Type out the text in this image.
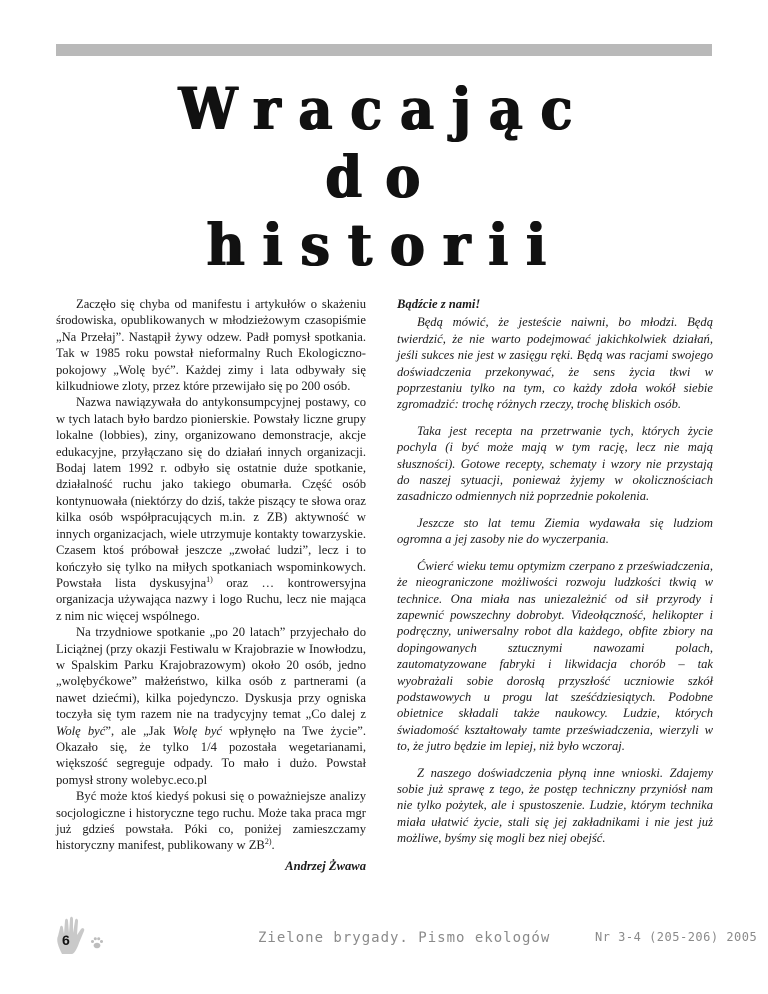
Wracając
do
historii

Zaczęło się chyba od manifestu i artykułów o skażeniu środowiska, opublikowanych w młodzieżowym czasopiśmie „Na Przełaj”. Nastąpił żywy odzew. Padł pomysł spotkania. Tak w 1985 roku powstał nieformalny Ruch Ekologiczno-pokojowy „Wolę być”. Każdej zimy i lata odbywały się kilkudniowe zloty, przez które przewijało się po 200 osób.

Nazwa nawiązywała do antykonsumpcyjnej postawy, co w tych latach było bardzo pionierskie. Powstały liczne grupy lokalne (lobbies), ziny, organizowano demonstracje, akcje edukacyjne, przyłączano się do działań innych organizacji. Bodaj latem 1992 r. odbyło się ostatnie duże spotkanie, działalność ruchu jako takiego obumarła. Część osób kontynuowała (niektórzy do dziś, także piszący te słowa oraz kilka osób współpracujących m.in. z ZB) aktywność w innych organizacjach, wiele utrzymuje kontakty towarzyskie. Czasem ktoś próbował jeszcze „zwołać ludzi”, lecz i to kończyło się tylko na miłych spotkaniach wspominkowych. Powstała lista dyskusyjna$^{1)}$ oraz … kontrowersyjna organizacja używająca nazwy i logo Ruchu, lecz nie mająca z nim nic więcej wspólnego.

Na trzydniowe spotkanie „po 20 latach” przyjechało do Liciążnej (przy okazji Festiwalu w Krajobrazie w Inowłodzu, w Spalskim Parku Krajobrazowym) około 20 osób, jedno „wolębyćkowe” małżeństwo, kilka osób z partnerami (a nawet dziećmi), kilka pojedynczo. Dyskusja przy ogniska toczyła się tym razem nie na tradycyjny temat „Co dalej z Wolę być”, ale „Jak Wolę być wpłynęło na Twe życie”. Okazało się, że tylko 1/4 pozostała wegetarianami, większość segreguje odpady. To mało i dużo. Powstał pomysł strony wolebyc.eco.pl

Być może ktoś kiedyś pokusi się o poważniejsze analizy socjologiczne i historyczne tego ruchu. Może taka praca mgr już gdzieś powstała. Póki co, poniżej zamieszczamy historyczny manifest, publikowany w ZB$^{2)}$.

Andrzej Żwawa

Bądźcie z nami!

Będą mówić, że jesteście naiwni, bo młodzi. Będą twierdzić, że nie warto podejmować jakichkolwiek działań, jeśli sukces nie jest w zasięgu ręki. Będą was racjami swojego doświadczenia przekonywać, że sens życia tkwi w poprzestaniu tylko na tym, co każdy zdoła wokół siebie zgromadzić: trochę różnych rzeczy, trochę bliskich osób.

Taka jest recepta na przetrwanie tych, których życie pochyla (i być może mają w tym rację, lecz nie mają słuszności). Gotowe recepty, schematy i wzory nie przystają do naszej sytuacji, ponieważ żyjemy w okolicznościach zasadniczo odmiennych niż poprzednie pokolenia.

Jeszcze sto lat temu Ziemia wydawała się ludziom ogromna a jej zasoby nie do wyczerpania.

Ćwierć wieku temu optymizm czerpano z przeświadczenia, że nieograniczone możliwości rozwoju ludzkości tkwią w technice. Ona miała nas uniezależnić od sił przyrody i zapewnić powszechny dobrobyt. Videołączność, helikopter i podręczny, uniwersalny robot dla każdego, obfite zbiory na dopingowanych sztucznymi nawozami polach, zautomatyzowane fabryki i likwidacja chorób – tak wyobrażali sobie dorosłą przyszłość uczniowie szkół podstawowych u progu lat sześćdziesiątych. Podobne obietnice składali także naukowcy. Ludzie, których świadomość kształtowały tamte przeświadczenia, wierzyli w to, że jutro będzie im lepiej, niż było wczoraj.

Z naszego doświadczenia płyną inne wnioski. Zdajemy sobie już sprawę z tego, że postęp techniczny przyniósł nam nie tylko pożytek, ale i spustoszenie. Ludzie, którym technika miała ułatwić życie, stali się jej zakładnikami i nie jest już możliwe, byśmy się mogli bez niej obejść.

6	Zielone brygady. Pismo ekologów	Nr 3-4 (205-206) 2005
